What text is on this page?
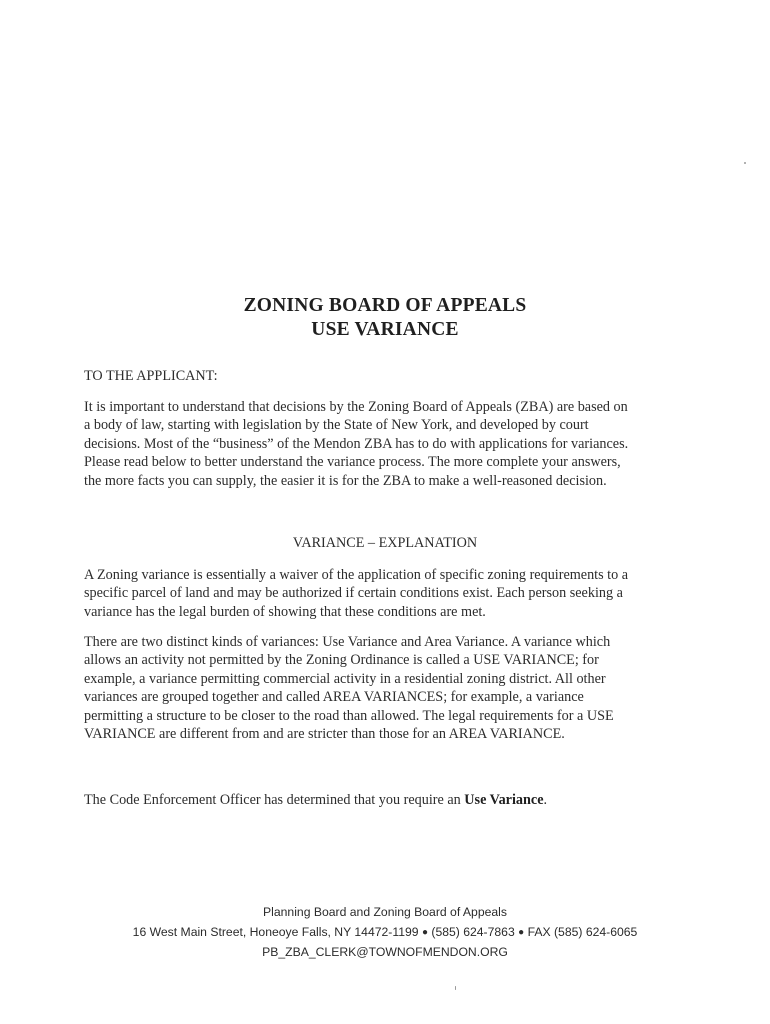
ZONING BOARD OF APPEALS
USE VARIANCE
TO THE APPLICANT:
It is important to understand that decisions by the Zoning Board of Appeals (ZBA) are based on
a body of law, starting with legislation by the State of New York, and developed by court
decisions. Most of the “business” of the Mendon ZBA has to do with applications for variances.
Please read below to better understand the variance process. The more complete your answers,
the more facts you can supply, the easier it is for the ZBA to make a well-reasoned decision.
VARIANCE – EXPLANATION
A Zoning variance is essentially a waiver of the application of specific zoning requirements to a
specific parcel of land and may be authorized if certain conditions exist. Each person seeking a
variance has the legal burden of showing that these conditions are met.
There are two distinct kinds of variances: Use Variance and Area Variance. A variance which
allows an activity not permitted by the Zoning Ordinance is called a USE VARIANCE; for
example, a variance permitting commercial activity in a residential zoning district. All other
variances are grouped together and called AREA VARIANCES; for example, a variance
permitting a structure to be closer to the road than allowed. The legal requirements for a USE
VARIANCE are different from and are stricter than those for an AREA VARIANCE.
The Code Enforcement Officer has determined that you require an Use Variance.
Planning Board and Zoning Board of Appeals
16 West Main Street, Honeoye Falls, NY 14472-1199 ● (585) 624-7863 ● FAX (585) 624-6065
PB_ZBA_CLERK@TOWNOFMENDON.ORG
